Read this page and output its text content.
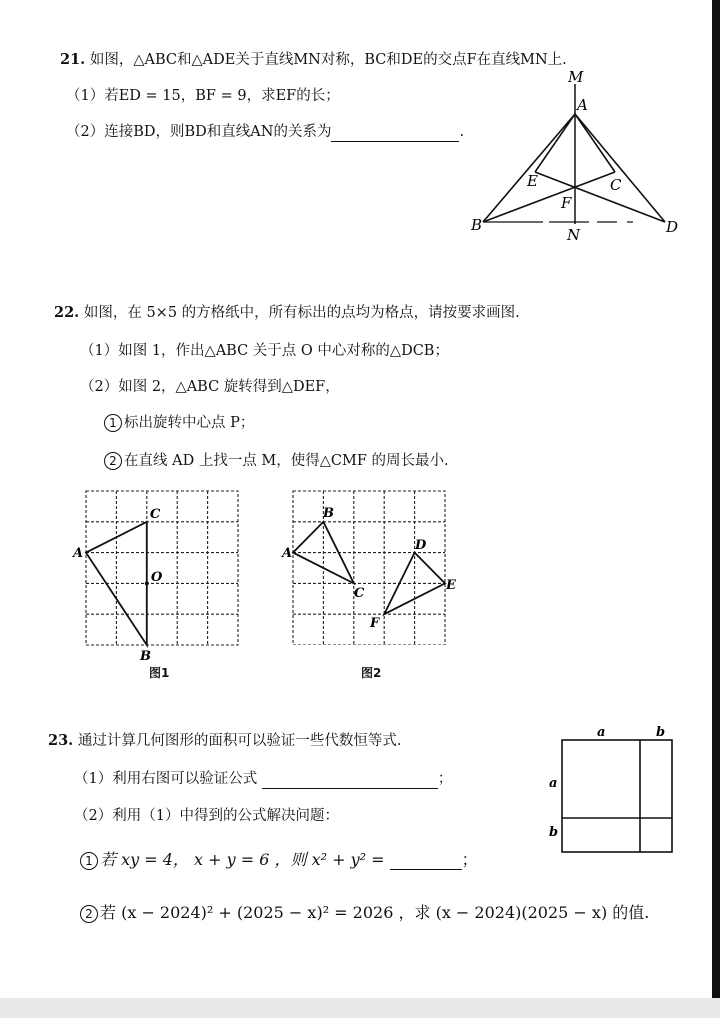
21. 如图，△ABC和△ADE关于直线MN对称，BC和DE的交点F在直线MN上.
（1）若ED = 15，BF = 9，求EF的长；
（2）连接BD，则BD和直线AN的关系为	.
M
A
E	C
F
B
N	D
22. 如图，在 5×5 的方格纸中，所有标出的点均为格点，请按要求画图.
（1）如图 1，作出△ABC 关于点 O 中心对称的△DCB；
（2）如图 2，△ABC 旋转得到△DEF，
1 标出旋转中心点 P；
2 在直线 AD 上找一点 M，使得△CMF 的周长最小.
A
C
O
B
图1
A
B
C
D
E
F
图2
23. 通过计算几何图形的面积可以验证一些代数恒等式.
（1）利用右图可以验证公式	；
（2）利用（1）中得到的公式解决问题：
1 若 xy = 4， x + y = 6 ，则 x² + y² =	；
2 若 (x − 2024)² + (2025 − x)² = 2026 ，求 (x − 2024)(2025 − x) 的值.
a	b
a
b
